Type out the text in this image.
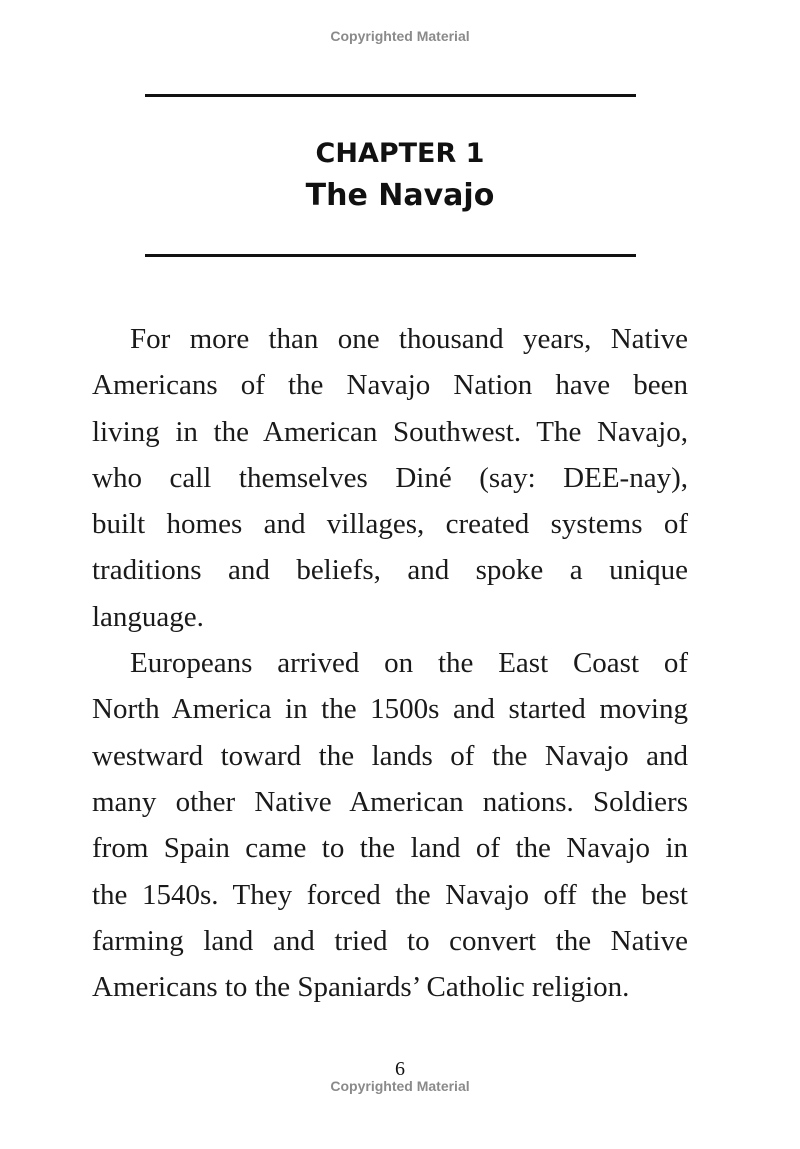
Copyrighted Material
CHAPTER 1
The Navajo
For more than one thousand years, Native
Americans of the Navajo Nation have been
living in the American Southwest. The Navajo,
who call themselves Diné (say: DEE-nay),
built homes and villages, created systems of
traditions and beliefs, and spoke a unique
language.
Europeans arrived on the East Coast of
North America in the 1500s and started moving
westward toward the lands of the Navajo and
many other Native American nations. Soldiers
from Spain came to the land of the Navajo in
the 1540s. They forced the Navajo off the best
farming land and tried to convert the Native
Americans to the Spaniards’ Catholic religion.
6
Copyrighted Material
